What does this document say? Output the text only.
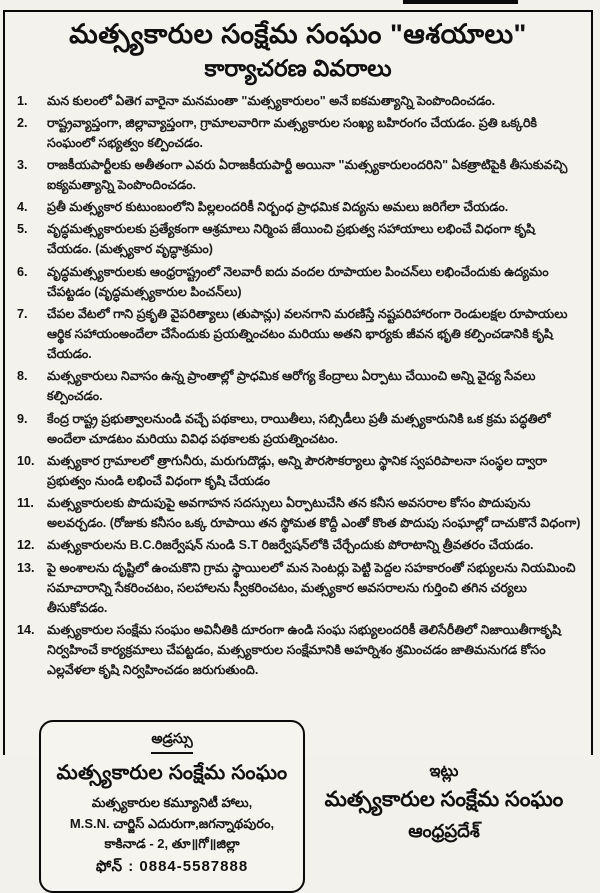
మత్స్యకారుల సంక్షేమ సంఘం "ఆశయాలు"
కార్యాచరణ వివరాలు
1.	మన కులంలో ఏతెగ వారైనా మనమంతా "మత్స్యకారులం" అనే ఐకమత్యాన్ని పెంపొందించడం.
2.	రాష్ట్రవ్యాప్తంగా, జిల్లావ్యాప్తంగా, గ్రామాలవారిగా మత్స్యకారుల సంఖ్య బహిరంగం చేయడం. ప్రతి ఒక్కరికి సంఘంలో సభ్యత్వం కల్పించడం.
3.	రాజకీయపార్టీలకు అతీతంగా ఎవరు ఏరాజకీయపార్టీ అయినా "మత్స్యకారులందరిని" ఏకత్రాటిపైకి తీసుకువచ్చి ఐక్యమత్యాన్ని పెంపొందించడం.
4.	ప్రతీ మత్స్యకార కుటుంబంలోని పిల్లలందరికీ నిర్బంధ ప్రాధమిక విద్యను అమలు జరిగేలా చేయడం.
5.	వృద్ధమత్స్యకారులకు ప్రత్యేకంగా ఆశ్రమాలు నిర్మింప జేయించి ప్రభుత్వ సహాయాలు లభించే విధంగా కృషి చేయడం. (మత్స్యకార వృద్ధాశ్రమం)
6.	వృద్ధమత్స్యకారులకు ఆంధ్రరాష్ట్రంలో నెలవారీ ఐదు వందల రూపాయల పించన్‌లు లభించేందుకు ఉద్యమం చేపట్టడం (వృద్ధమత్స్యకారుల పించన్‌లు)
7.	చేపల వేటలో గాని ప్రకృతి వైపరిత్యాలు (తుపాన్లు) వలనగాని మరణిస్తే నష్టపరిహారంగా రెండులక్షల రూపాయలు ఆర్థిక సహాయంఅందేలా చేసేందుకు ప్రయత్నించటం మరియు అతని భార్యకు జీవన భృతి కల్పించడానికి కృషి చేయడం.
8.	మత్స్యకారులు నివాసం ఉన్న ప్రాంతాల్లో ప్రాధమిక ఆరోగ్య కేంద్రాలు ఏర్పాటు చేయించి అన్ని వైద్య సేవలు కల్పించడం.
9.	కేంద్ర రాష్ట్ర ప్రభుత్వాలనుండి వచ్చే పథకాలు, రాయితీలు, సబ్సిడీలు ప్రతీ మత్స్యకారునికి ఒక క్రమ పద్ధతిలో అందేలా చూడటం మరియు వివిధ పథకాలకు ప్రయత్నించటం.
10. మత్స్యకార గ్రామాలలో త్రాగునీరు, మరుగుదొడ్లు, అన్ని పౌరసౌకర్యాలు స్థానిక స్వపరిపాలనా సంస్థల ద్వారా ప్రభుత్వం నుండి లభించే విధంగా కృషి చేయడం
11.	మత్స్యకారులకు పొదుపుపై అవగాహన సదస్సులు ఏర్పాటుచేసి తన కనీస అవసరాల కోసం పొదుపును అలవర్చడం. (రోజుకు కనీసం ఒక్క రూపాయి తన స్థోమత కొద్దీ ఎంతో కొంత పొదుపు సంఘాల్లో దాచుకొనే విధంగా)
12. మత్స్యకారులను B.C.రిజర్వేషన్ నుండి S.T రిజర్వేషన్‌లోకి చేర్చేందుకు పోరాటాన్ని త్రీవతరం చేయడం.
13. పై అంశాలను దృష్టిలో ఉంచుకొని గ్రామ స్థాయిలలో మన సెంటర్లు పెట్టి పెద్దల సహకారంతో సభ్యులను నియమించి సమాచారాన్ని సేకరించటం, సలహాలను స్వీకరించటం, మత్స్యకార అవసరాలను గుర్తించి తగిన చర్యలు తీసుకోవడం.
14. మత్స్యకారుల సంక్షేమ సంఘం అవినీతికి దూరంగా ఉండి సంఘ సభ్యులందరికీ తెలిసేరీతిలో నిజాయితీగాకృషి నిర్వహించే కార్యక్రమాలు చేపట్టడం, మత్స్యకారుల సంక్షేమానికి అహర్నిశం శ్రమించడం జాతిమనుగడ కోసం ఎల్లవేళలా కృషి నిర్వహించడం జరుగుతుంది.
అడ్రస్సు
మత్స్యకారుల సంక్షేమ సంఘం
మత్స్యకారుల కమ్యూనిటీ హాలు,
M.S.N. చార్జిస్ ఎదురుగా,జగన్నాథపురం,
కాకినాడ - 2, తూ॥గో॥జిల్లా
ఫోన్ : 0884-5587888
ఇట్లు
మత్స్యకారుల సంక్షేమ సంఘం
ఆంధ్రప్రదేశ్
